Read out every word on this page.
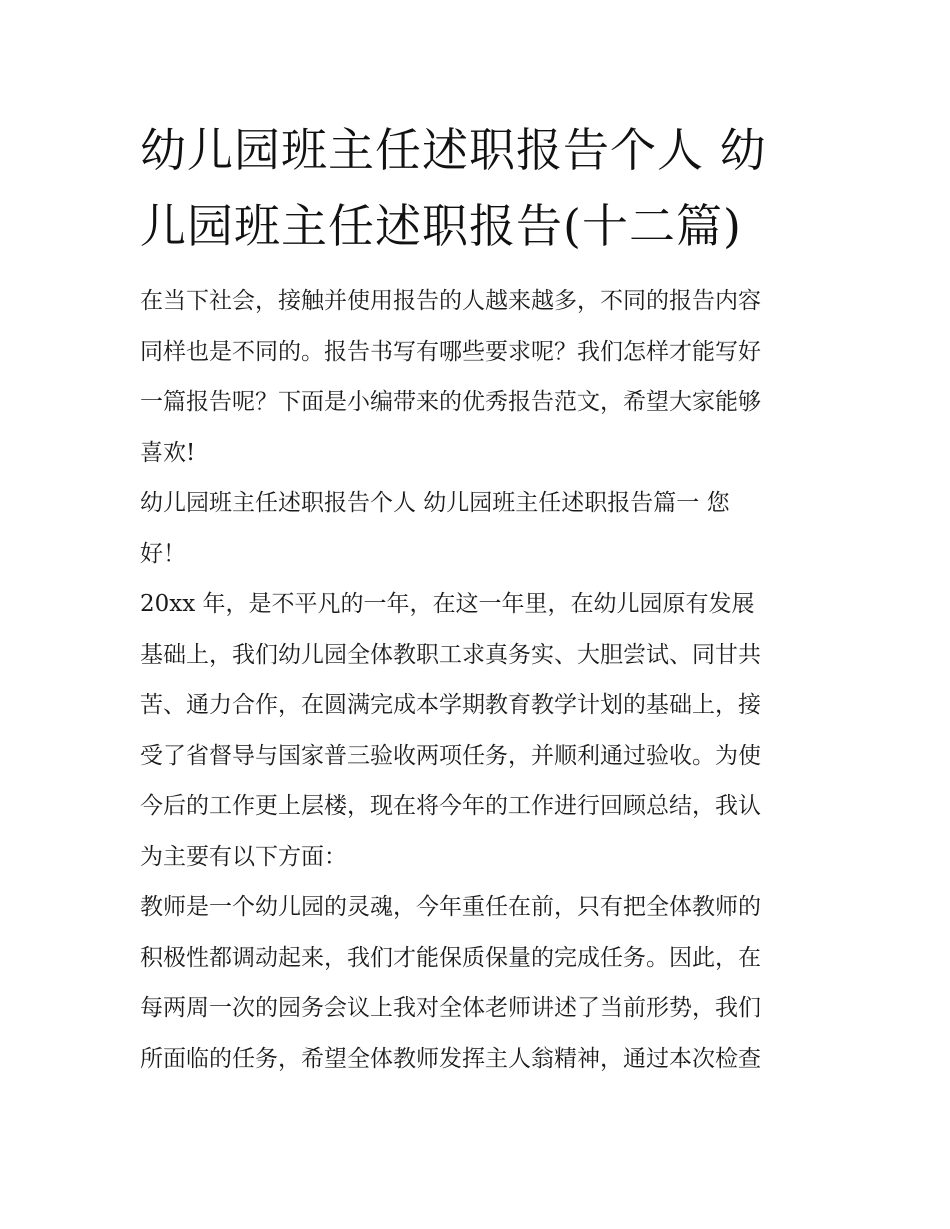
幼儿园班主任述职报告个人 幼
儿园班主任述职报告(十二篇)
在当下社会，接触并使用报告的人越来越多，不同的报告内容
同样也是不同的。报告书写有哪些要求呢？我们怎样才能写好
一篇报告呢？下面是小编带来的优秀报告范文，希望大家能够
喜欢!
幼儿园班主任述职报告个人 幼儿园班主任述职报告篇一 您
好！
20xx 年，是不平凡的一年，在这一年里，在幼儿园原有发展
基础上，我们幼儿园全体教职工求真务实、大胆尝试、同甘共
苦、通力合作，在圆满完成本学期教育教学计划的基础上，接
受了省督导与国家普三验收两项任务，并顺利通过验收。为使
今后的工作更上层楼，现在将今年的工作进行回顾总结，我认
为主要有以下方面：
教师是一个幼儿园的灵魂，今年重任在前，只有把全体教师的
积极性都调动起来，我们才能保质保量的完成任务。因此，在
每两周一次的园务会议上我对全体老师讲述了当前形势，我们
所面临的任务，希望全体教师发挥主人翁精神，通过本次检查
